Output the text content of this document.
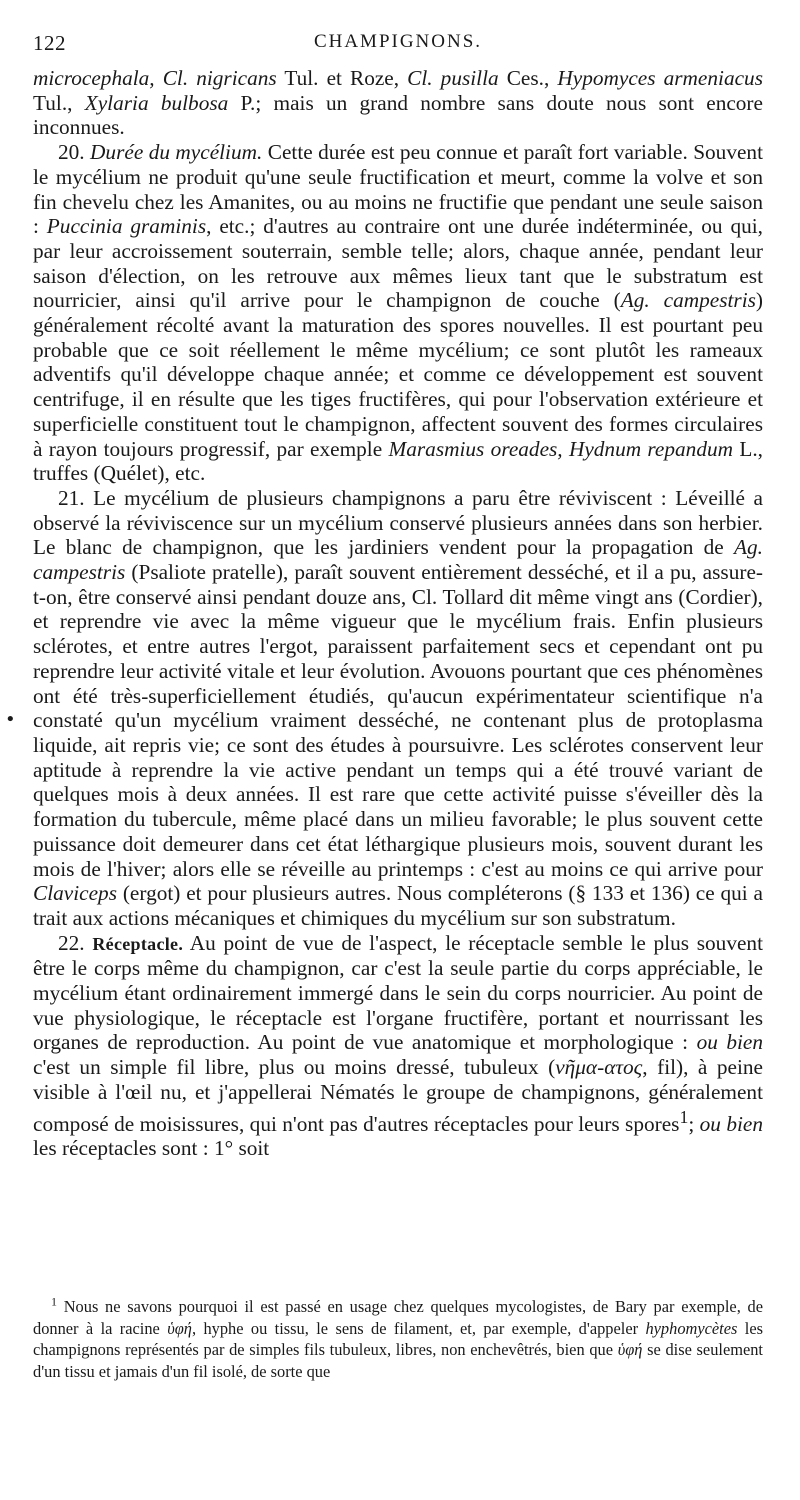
122	CHAMPIGNONS.
•

microcephala, Cl. nigricans Tul. et Roze, Cl. pusilla Ces., Hypomyces armeniacus Tul., Xylaria bulbosa P.; mais un grand nombre sans doute nous sont encore inconnues.

20. Durée du mycélium. Cette durée est peu connue et paraît fort variable. Souvent le mycélium ne produit qu'une seule fructification et meurt, comme la volve et son fin chevelu chez les Amanites, ou au moins ne fructifie que pendant une seule saison : Puccinia graminis, etc.; d'autres au contraire ont une durée indéterminée, ou qui, par leur accroissement souterrain, semble telle; alors, chaque année, pendant leur saison d'élection, on les retrouve aux mêmes lieux tant que le substratum est nourricier, ainsi qu'il arrive pour le champignon de couche (Ag. campestris) généralement récolté avant la maturation des spores nouvelles. Il est pourtant peu probable que ce soit réellement le même mycélium; ce sont plutôt les rameaux adventifs qu'il développe chaque année; et comme ce développement est souvent centrifuge, il en résulte que les tiges fructifères, qui pour l'observation extérieure et superficielle constituent tout le champignon, affectent souvent des formes circulaires à rayon toujours progressif, par exemple Marasmius oreades, Hydnum repandum L., truffes (Quélet), etc.

21. Le mycélium de plusieurs champignons a paru être réviviscent : Léveillé a observé la réviviscence sur un mycélium conservé plusieurs années dans son herbier. Le blanc de champignon, que les jardiniers vendent pour la propagation de Ag. campestris (Psaliote pratelle), paraît souvent entièrement desséché, et il a pu, assure-t-on, être conservé ainsi pendant douze ans, Cl. Tollard dit même vingt ans (Cordier), et reprendre vie avec la même vigueur que le mycélium frais. Enfin plusieurs sclérotes, et entre autres l'ergot, paraissent parfaitement secs et cependant ont pu reprendre leur activité vitale et leur évolution. Avouons pourtant que ces phénomènes ont été très-superficiellement étudiés, qu'aucun expérimentateur scientifique n'a constaté qu'un mycélium vraiment desséché, ne contenant plus de protoplasma liquide, ait repris vie; ce sont des études à poursuivre. Les sclérotes conservent leur aptitude à reprendre la vie active pendant un temps qui a été trouvé variant de quelques mois à deux années. Il est rare que cette activité puisse s'éveiller dès la formation du tubercule, même placé dans un milieu favorable; le plus souvent cette puissance doit demeurer dans cet état léthargique plusieurs mois, souvent durant les mois de l'hiver; alors elle se réveille au printemps : c'est au moins ce qui arrive pour Claviceps (ergot) et pour plusieurs autres. Nous compléterons (§ 133 et 136) ce qui a trait aux actions mécaniques et chimiques du mycélium sur son substratum.

22. Réceptacle. Au point de vue de l'aspect, le réceptacle semble le plus souvent être le corps même du champignon, car c'est la seule partie du corps appréciable, le mycélium étant ordinairement immergé dans le sein du corps nourricier. Au point de vue physiologique, le réceptacle est l'organe fructifère, portant et nourrissant les organes de reproduction. Au point de vue anatomique et morphologique : ou bien c'est un simple fil libre, plus ou moins dressé, tubuleux (νῆμα-ατος, fil), à peine visible à l'œil nu, et j'appellerai Nématés le groupe de champignons, généralement composé de moisissures, qui n'ont pas d'autres réceptacles pour leurs spores$^1$; ou bien les réceptacles sont : 1° soit

$^1$ Nous ne savons pourquoi il est passé en usage chez quelques mycologistes, de Bary par exemple, de donner à la racine ὑφή, hyphe ou tissu, le sens de filament, et, par exemple, d'appeler hyphomycètes les champignons représentés par de simples fils tubuleux, libres, non enchevêtrés, bien que ὑφή se dise seulement d'un tissu et jamais d'un fil isolé, de sorte que
